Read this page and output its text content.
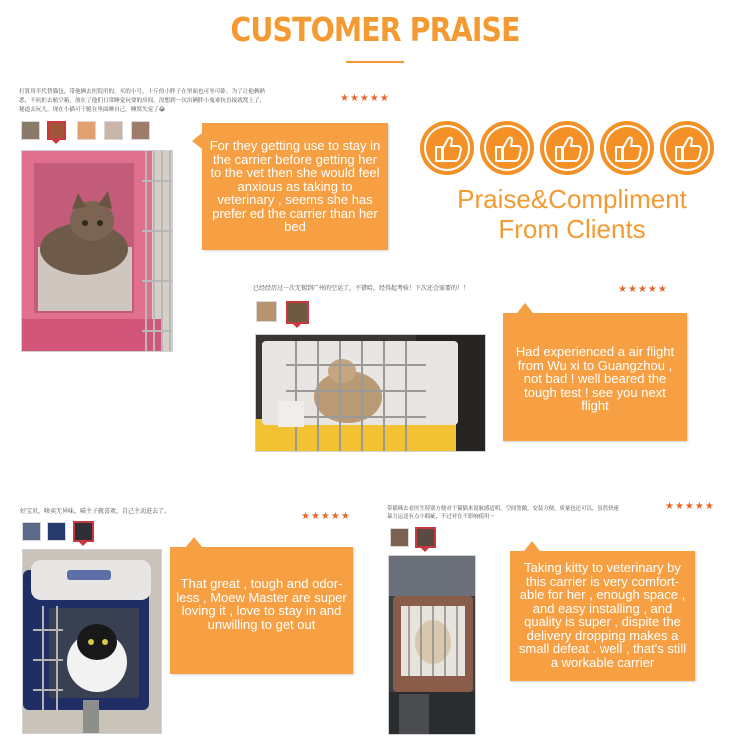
CUSTOMER PRAISE
打算用半代替猫包，带他俩去医院用的。买的小号，十斤的小胖子在里面也可坐可卧。为了让他俩熟悉，不抗拒去航空箱，放在了他们日常睡觉玩耍的房间。没想到一次出俩胖小鬼乖抗直接就窝上了，秘道去玩儿。现在小猫可干脆在里面睡自己，睡窝失宠了😂
★★★★★
For they getting use to stay in the carrier before getting her to the vet then she would feel anxious as taking to veterinary , seems she has prefer ed the carrier than her bed
Praise&Compliment
From Clients
已经经历过一次无锡到广州的空运了，不错哈，经得起考验！下次还会需要的！！	★★★★★
Had experienced a air flight from Wu xi to Guangzhou , not bad ! well beared the tough test ! see you next flight
好宝贝，啥卖无异味，喵主子就喜欢，自己主动进去了。	★★★★★
That great , tough and odor- less , Moew Master are super loving it , love to stay in and unwilling to get out
带猫咪去看医生特别方便对于猫猫来说航感适明，空间宽敞，安装方便，质量也还可以，虽然快递暴力运送有点小瑕疵，不过对在不影响使用～
★★★★★
Taking kitty to veterinary by this carrier is very comfort- able for her , enough space , and easy installing , and quality is super , dispite the delivery dropping makes a small defeat . well , that's still a workable carrier
